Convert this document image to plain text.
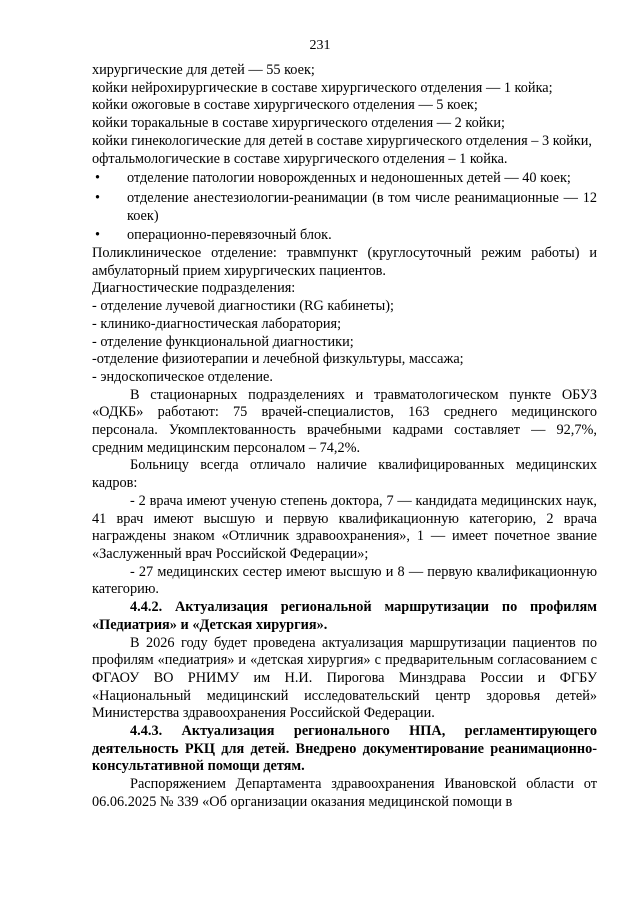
231

хирургические для детей — 55 коек;

койки нейрохирургические в составе хирургического отделения — 1 койка;

койки ожоговые в составе хирургического отделения — 5 коек;

койки торакальные в составе хирургического отделения — 2 койки;

койки гинекологические для детей в составе хирургического отделения – 3 койки,

офтальмологические в составе хирургического отделения – 1 койка.

• отделение патологии новорожденных и недоношенных детей — 40 коек;
• отделение анестезиологии-реанимации (в том числе реанимационные — 12 коек)
• операционно-перевязочный блок.

Поликлиническое отделение: травмпункт (круглосуточный режим работы) и амбулаторный прием хирургических пациентов.

Диагностические подразделения:

- отделение лучевой диагностики (RG кабинеты);

- клинико-диагностическая лаборатория;

- отделение функциональной диагностики;

-отделение физиотерапии и лечебной физкультуры, массажа;

- эндоскопическое отделение.

В стационарных подразделениях и травматологическом пункте ОБУЗ «ОДКБ» работают: 75 врачей-специалистов, 163 среднего медицинского персонала. Укомплектованность врачебными кадрами составляет — 92,7%, средним медицинским персоналом – 74,2%.

Больницу всегда отличало наличие квалифицированных медицинских кадров:

- 2 врача имеют ученую степень доктора, 7 — кандидата медицинских наук, 41 врач имеют высшую и первую квалификационную категорию, 2 врача награждены знаком «Отличник здравоохранения», 1 — имеет почетное звание «Заслуженный врач Российской Федерации»;

- 27 медицинских сестер имеют высшую и 8 — первую квалификационную категорию.

4.4.2. Актуализация региональной маршрутизации по профилям «Педиатрия» и «Детская хирургия».

В 2026 году будет проведена актуализация маршрутизации пациентов по профилям «педиатрия» и «детская хирургия» с предварительным согласованием с ФГАОУ ВО РНИМУ им Н.И. Пирогова Минздрава России и ФГБУ «Национальный медицинский исследовательский центр здоровья детей» Министерства здравоохранения Российской Федерации.

4.4.3. Актуализация регионального НПА, регламентирующего деятельность РКЦ для детей. Внедрено документирование реанимационно-консультативной помощи детям.

Распоряжением Департамента здравоохранения Ивановской области от 06.06.2025 № 339 «Об организации оказания медицинской помощи в
